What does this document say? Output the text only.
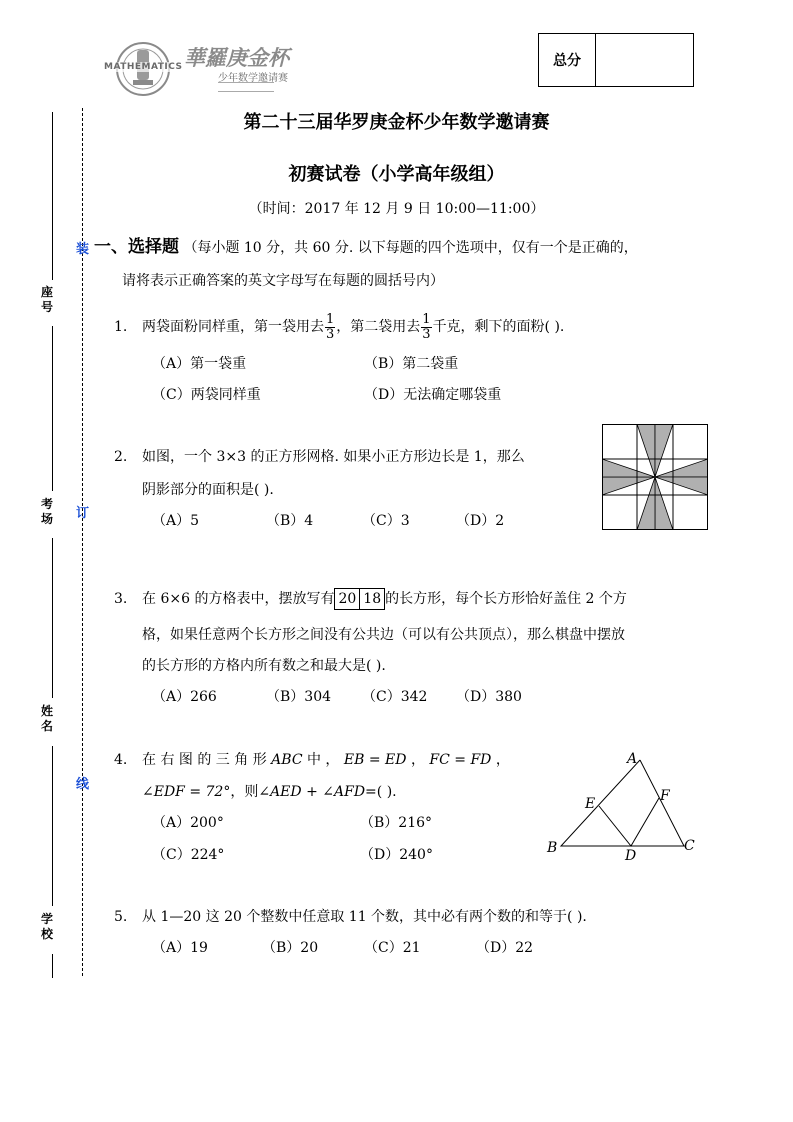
MATHEMATICS 華羅庚金杯
少年数学邀请赛
总分
装
订
线
座
号
考
场
姓
名
学
校
第二十三届华罗庚金杯少年数学邀请赛
初赛试卷（小学高年级组）
（时间：2017 年 12 月 9 日 10:00—11:00）
一、选择题 （每小题 10 分，共 60 分. 以下每题的四个选项中，仅有一个是正确的，
请将表示正确答案的英文字母写在每题的圆括号内）
1. 两袋面粉同样重，第一袋用去 $\frac{1}{3}$ ，第二袋用去 $\frac{1}{3}$ 千克，剩下的面粉( ).
（A）第一袋重	（B）第二袋重
（C）两袋同样重	（D）无法确定哪袋重
2. 如图，一个 3×3 的正方形网格. 如果小正方形边长是 1，那么
阴影部分的面积是( ).
（A）5	（B）4	（C）3	（D）2
3. 在 6×6 的方格表中，摆放写有 20 18 的长方形，每个长方形恰好盖住 2 个方
格，如果任意两个长方形之间没有公共边（可以有公共顶点），那么棋盘中摆放
的长方形的方格内所有数之和最大是( ).
（A）266	（B）304 （C）342 （D）380
4. 在 右 图 的 三 角 形 ABC 中 ， EB = ED ， FC = FD ，
∠EDF = 72°，则∠AED + ∠AFD=( ).
（A）200°	（B）216°
（C）224°	（D）240°
A
B	C
D
E	F
5. 从 1—20 这 20 个整数中任意取 11 个数，其中必有两个数的和等于( ).
（A）19	（B）20	（C）21	（D）22
